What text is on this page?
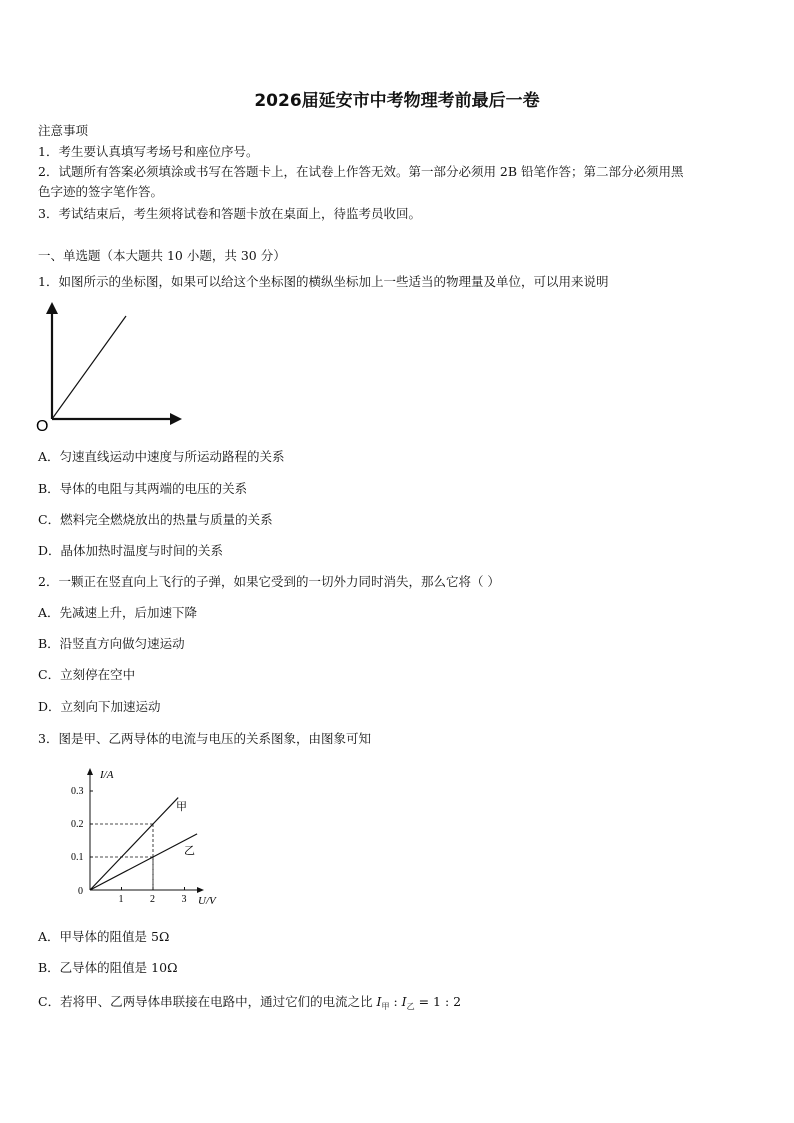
2026届延安市中考物理考前最后一卷
注意事项
1．考生要认真填写考场号和座位序号。
2．试题所有答案必须填涂或书写在答题卡上，在试卷上作答无效。第一部分必须用 2B 铅笔作答；第二部分必须用黑
色字迹的签字笔作答。
3．考试结束后，考生须将试卷和答题卡放在桌面上，待监考员收回。
一、单选题（本大题共 10 小题，共 30 分）
1．如图所示的坐标图，如果可以给这个坐标图的横纵坐标加上一些适当的物理量及单位，可以用来说明
O
A．匀速直线运动中速度与所运动路程的关系
B．导体的电阻与其两端的电压的关系
C．燃料完全燃烧放出的热量与质量的关系
D．晶体加热时温度与时间的关系
2．一颗正在竖直向上飞行的子弹，如果它受到的一切外力同时消失，那么它将（ ）
A．先减速上升，后加速下降
B．沿竖直方向做匀速运动
C．立刻停在空中
D．立刻向下加速运动
3．图是甲、乙两导体的电流与电压的关系图象，由图象可知
I/A
U/V
0
1	2	3
0.1
0.2
0.3
甲
乙
A．甲导体的阻值是 5Ω
B．乙导体的阻值是 10Ω
C．若将甲、乙两导体串联接在电路中，通过它们的电流之比 $I_甲$ : $I_乙 = 1$ : 2
